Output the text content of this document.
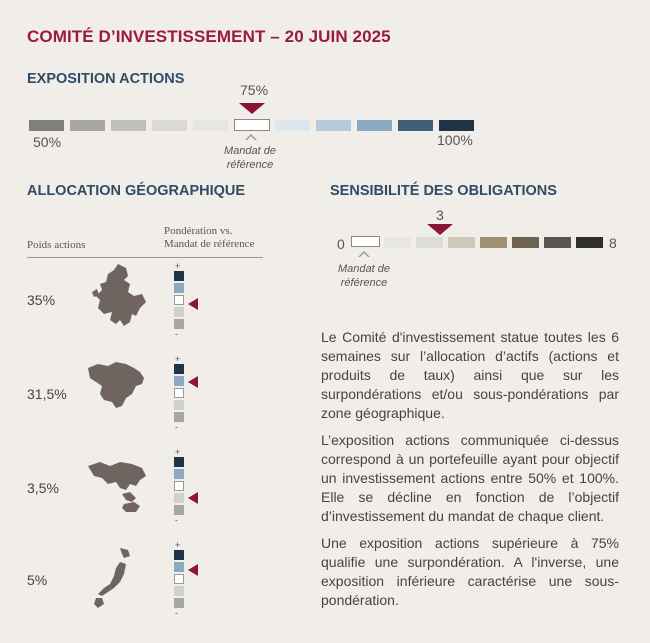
COMITÉ D’INVESTISSEMENT – 20 JUIN 2025
EXPOSITION ACTIONS
75%
50%	100%
Mandat de
référence
ALLOCATION GÉOGRAPHIQUE
Pondération vs.
Mandat de référence
Poids actions
35%
+
-
31,5%
+
-
3,5%
+
-
5%
+
-
SENSIBILITÉ DES OBLIGATIONS
3
0	8
Mandat de
référence

Le Comité d'investissement statue toutes les 6 semaines sur l’allocation d’actifs (actions et produits de taux) ainsi que sur les surpondérations et/ou sous-pondérations par zone géographique.

L’exposition actions communiquée ci-dessus correspond à un portefeuille ayant pour objectif un investissement actions entre 50% et 100%. Elle se décline en fonction de l’objectif d’investissement du mandat de chaque client.

Une exposition actions supérieure à 75% qualifie une surpondération. A l'inverse, une exposition inférieure caractérise une sous-pondération.
